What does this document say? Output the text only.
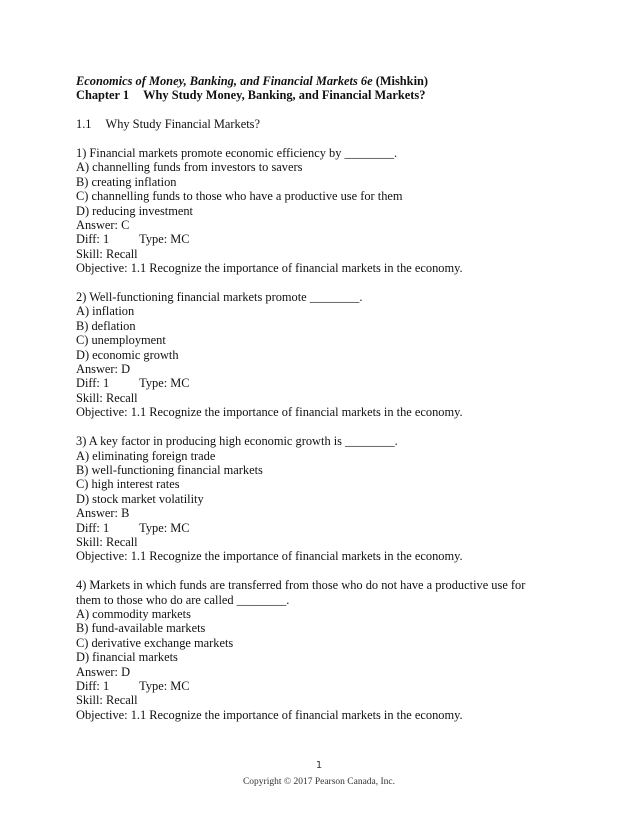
Economics of Money, Banking, and Financial Markets 6e (Mishkin)
Chapter 1 Why Study Money, Banking, and Financial Markets?
1.1 Why Study Financial Markets?
1) Financial markets promote economic efficiency by ________.
A) channelling funds from investors to savers
B) creating inflation
C) channelling funds to those who have a productive use for them
D) reducing investment
Answer: C
Diff: 1 Type: MC
Skill: Recall
Objective: 1.1 Recognize the importance of financial markets in the economy.
2) Well-functioning financial markets promote ________.
A) inflation
B) deflation
C) unemployment
D) economic growth
Answer: D
Diff: 1 Type: MC
Skill: Recall
Objective: 1.1 Recognize the importance of financial markets in the economy.
3) A key factor in producing high economic growth is ________.
A) eliminating foreign trade
B) well-functioning financial markets
C) high interest rates
D) stock market volatility
Answer: B
Diff: 1 Type: MC
Skill: Recall
Objective: 1.1 Recognize the importance of financial markets in the economy.
4) Markets in which funds are transferred from those who do not have a productive use for
them to those who do are called ________.
A) commodity markets
B) fund-available markets
C) derivative exchange markets
D) financial markets
Answer: D
Diff: 1 Type: MC
Skill: Recall
Objective: 1.1 Recognize the importance of financial markets in the economy.
1
Copyright © 2017 Pearson Canada, Inc.
